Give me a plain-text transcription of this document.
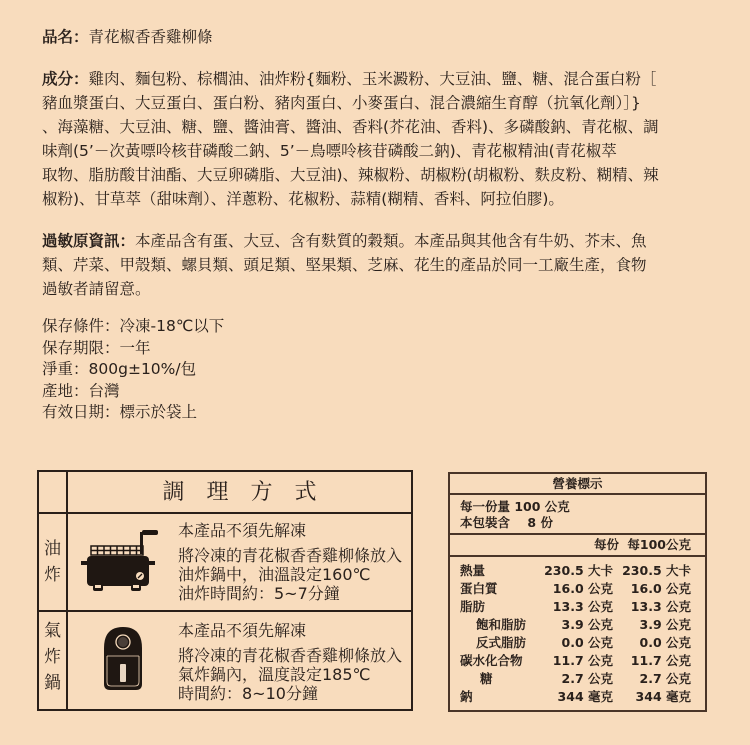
品名：青花椒香香雞柳條

成分：雞肉、麵包粉、棕櫚油、油炸粉{麵粉、玉米澱粉、大豆油、鹽、糖、混合蛋白粉［

豬血漿蛋白、大豆蛋白、蛋白粉、豬肉蛋白、小麥蛋白、混合濃縮生育醇（抗氧化劑）］}

、海藻糖、大豆油、糖、鹽、醬油膏、醬油、香料(芥花油、香料)、多磷酸鈉、青花椒、調

味劑(5’－次黃嘌呤核苷磷酸二鈉、5’－鳥嘌呤核苷磷酸二鈉)、青花椒精油(青花椒萃

取物、脂肪酸甘油酯、大豆卵磷脂、大豆油)、辣椒粉、胡椒粉(胡椒粉、麩皮粉、糊精、辣

椒粉)、甘草萃（甜味劑）、洋蔥粉、花椒粉、蒜精(糊精、香料、阿拉伯膠)。

過敏原資訊：本產品含有蛋、大豆、含有麩質的穀類。本產品與其他含有牛奶、芥末、魚

類、芹菜、甲殼類、螺貝類、頭足類、堅果類、芝麻、花生的產品於同一工廠生產，食物

過敏者請留意。

保存條件：冷凍-18℃以下

保存期限：一年

淨重：800g±10%/包

產地：台灣

有效日期：標示於袋上

調理方式
油
炸
本產品不須先解凍
將冷凍的青花椒香香雞柳條放入
油炸鍋中，油溫設定160℃
油炸時間約：5~7分鐘
氣
炸
鍋
本產品不須先解凍
將冷凍的青花椒香香雞柳條放入
氣炸鍋內，溫度設定185℃
時間約：8~10分鐘
營養標示
每一份量 100 公克
本包裝含    8 份
每份 每100公克
熱量	230.5 大卡 230.5 大卡
蛋白質	16.0 公克 16.0 公克
脂肪	13.3 公克 13.3 公克
飽和脂肪	3.9 公克 3.9 公克
反式脂肪	0.0 公克 0.0 公克
碳水化合物 11.7 公克 11.7 公克
糖	2.7 公克 2.7 公克
鈉	344 毫克 344 毫克
